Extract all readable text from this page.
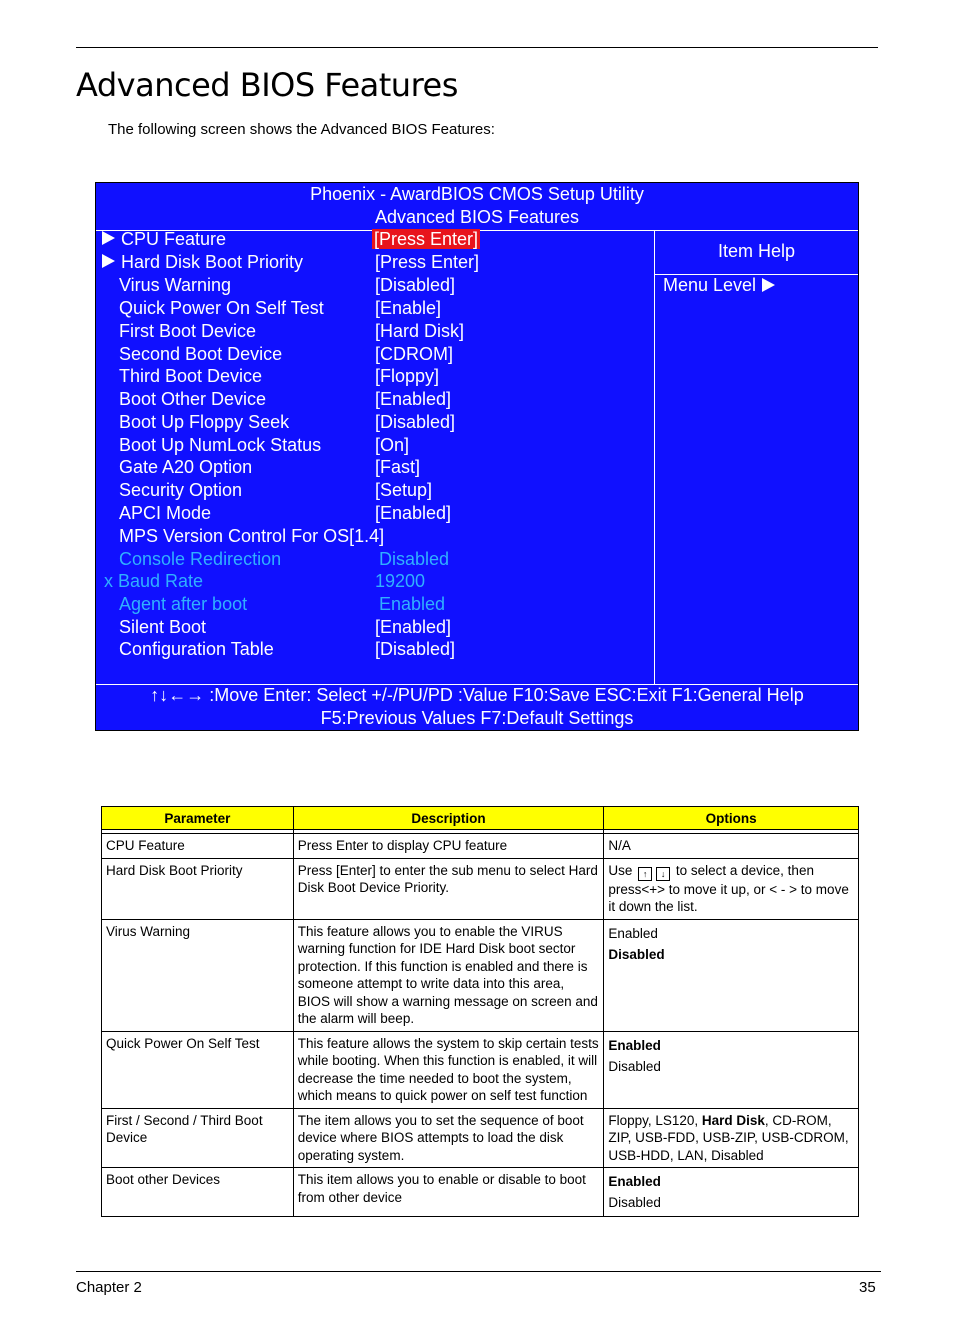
Advanced BIOS Features
The following screen shows the Advanced BIOS Features:
Phoenix - AwardBIOS CMOS Setup Utility
Advanced BIOS Features
CPU Feature	[Press Enter]
Hard Disk Boot Priority	[Press Enter]
Virus Warning	[Disabled]
Quick Power On Self Test	[Enable]
First Boot Device	[Hard Disk]
Second Boot Device	[CDROM]
Third Boot Device	[Floppy]
Boot Other Device	[Enabled]
Boot Up Floppy Seek	[Disabled]
Boot Up NumLock Status	[On]
Gate A20 Option	[Fast]
Security Option	[Setup]
APCI Mode	[Enabled]
MPS Version Control For OS[1.4]
Console Redirection	Disabled
x Baud Rate	19200
Agent after boot	Enabled
Silent Boot	[Enabled]
Configuration Table	[Disabled]
Item Help
Menu Level
↑↓←→ :Move Enter: Select +/-/PU/PD :Value F10:Save ESC:Exit F1:General Help
F5:Previous Values F7:Default Settings
Parameter	Description	Options

CPU Feature	Press Enter to display CPU feature	N/A
Hard Disk Boot Priority	Press [Enter] to enter the sub menu to select Hard Disk Boot Device Priority.	Use ↑ ↓ to select a device, then press<+> to move it up, or < - > to move it down the list.
Virus Warning	This feature allows you to enable the VIRUS warning function for IDE Hard Disk boot sector protection. If this function is enabled and there is someone attempt to write data into this area, BIOS will show a warning message on screen and the alarm will beep.	Enabled
Disabled

Quick Power On Self Test	This feature allows the system to skip certain tests while booting. When this function is enabled, it will decrease the time needed to boot the system, which means to quick power on self test function	Enabled
Disabled

First / Second / Third Boot Device	The item allows you to set the sequence of boot device where BIOS attempts to load the disk operating system.	Floppy, LS120, Hard Disk, CD-ROM, ZIP, USB-FDD, USB-ZIP, USB-CDROM, USB-HDD, LAN, Disabled
Boot other Devices	This item allows you to enable or disable to boot from other device	Enabled
Disabled
Chapter 2	35
